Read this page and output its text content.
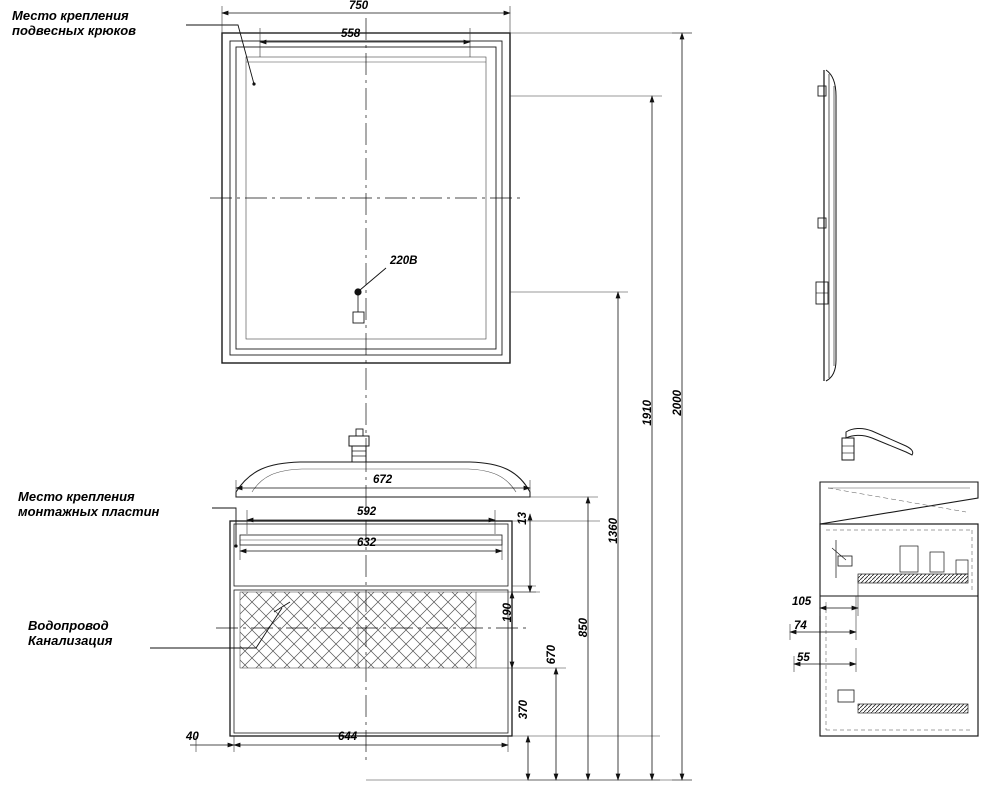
Место крепления
подвесных крюков
Место крепления
монтажных пластин
Водопровод
Канализация
220В
750
558
672
592
632
644
40
13
190
670
370
850
1360
1910 2000
105
74
55
